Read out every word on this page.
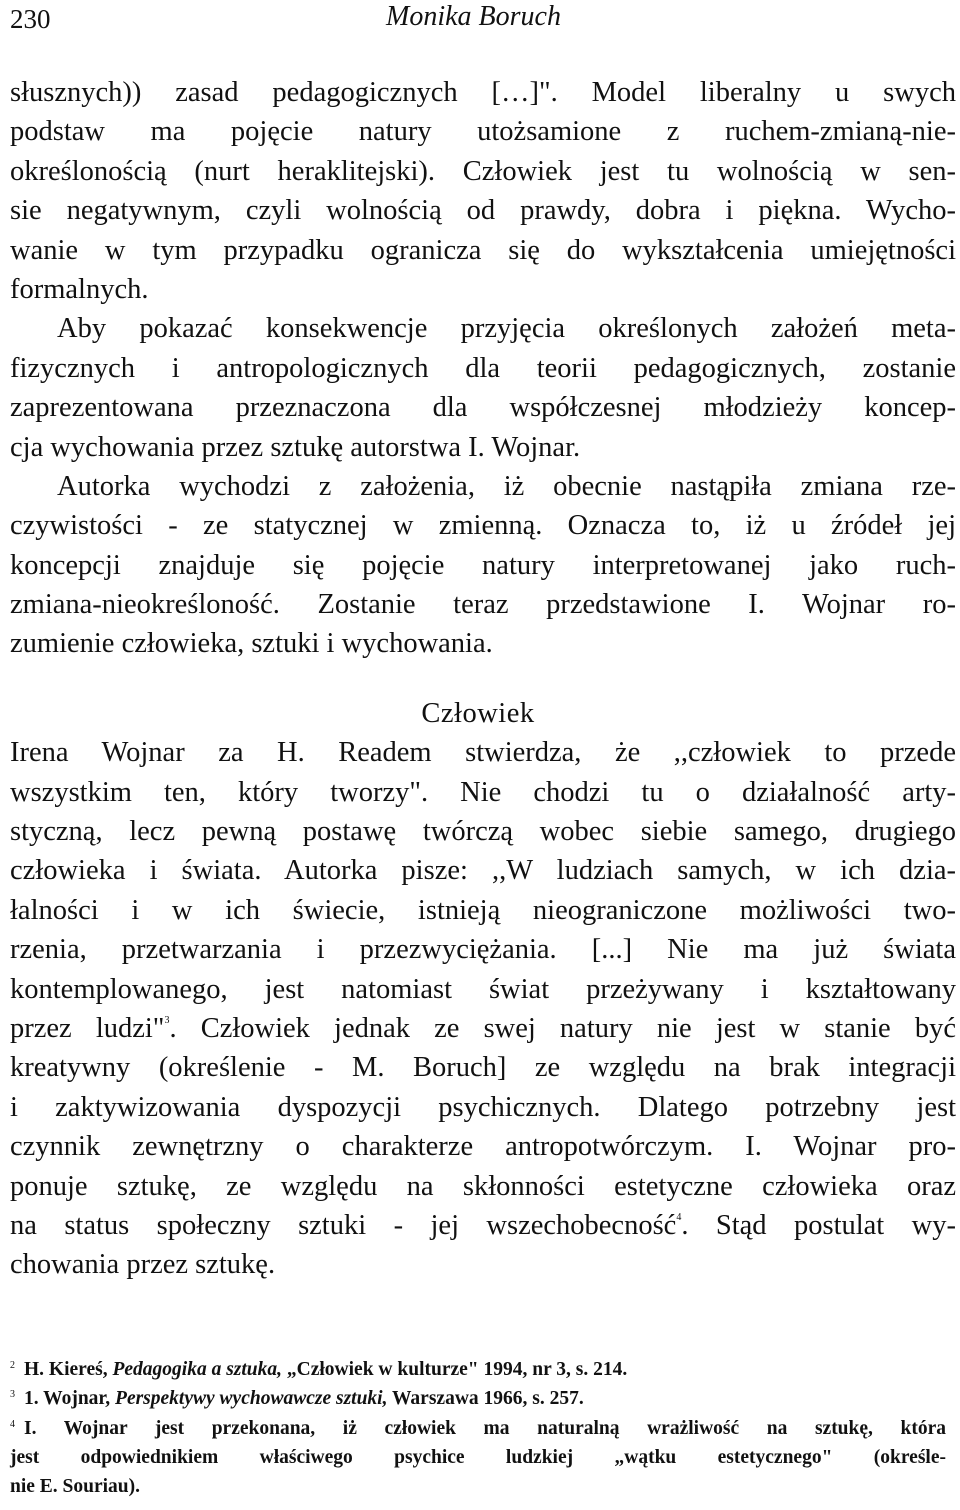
230	Monika Boruch
słusznych)) zasad pedagogicznych […]". Model liberalny u swych
podstaw ma pojęcie natury utożsamione z ruchem-zmianą-nie-
określonością (nurt heraklitejski). Człowiek jest tu wolnością w sen-
sie negatywnym, czyli wolnością od prawdy, dobra i piękna. Wycho-
wanie w tym przypadku ogranicza się do wykształcenia umiejętności
formalnych.
Aby pokazać konsekwencje przyjęcia określonych założeń meta-
fizycznych i antropologicznych dla teorii pedagogicznych, zostanie
zaprezentowana przeznaczona dla współczesnej młodzieży koncep-
cja wychowania przez sztukę autorstwa I. Wojnar.
Autorka wychodzi z założenia, iż obecnie nastąpiła zmiana rze-
czywistości - ze statycznej w zmienną. Oznacza to, iż u źródeł jej
koncepcji znajduje się pojęcie natury interpretowanej jako ruch-
zmiana-nieokreśloność. Zostanie teraz przedstawione I. Wojnar ro-
zumienie człowieka, sztuki i wychowania.
Człowiek
Irena Wojnar za H. Readem stwierdza, że ,,człowiek to przede
wszystkim ten, który tworzy". Nie chodzi tu o działalność arty-
styczną, lecz pewną postawę twórczą wobec siebie samego, drugiego
człowieka i świata. Autorka pisze: ,,W ludziach samych, w ich dzia-
łalności i w ich świecie, istnieją nieograniczone możliwości two-
rzenia, przetwarzania i przezwyciężania. [...] Nie ma już świata
kontemplowanego, jest natomiast świat przeżywany i kształtowany
przez ludzi"$^3$. Człowiek jednak ze swej natury nie jest w stanie być
kreatywny (określenie - M. Boruch] ze względu na brak integracji
i zaktywizowania dyspozycji psychicznych. Dlatego potrzebny jest
czynnik zewnętrzny o charakterze antropotwórczym. I. Wojnar pro-
ponuje sztukę, ze względu na skłonności estetyczne człowieka oraz
na status społeczny sztuki - jej wszechobecność$^4$. Stąd postulat wy-
chowania przez sztukę.
2 H. Kiereś, Pedagogika a sztuka, „Człowiek w kulturze" 1994, nr 3, s. 214.
3 1. Wojnar, Perspektywy wychowawcze sztuki, Warszawa 1966, s. 257.
4 I. Wojnar jest przekonana, iż człowiek ma naturalną wrażliwość na sztukę, która
jest odpowiednikiem właściwego psychice ludzkiej „wątku estetycznego" (określe-
nie E. Souriau).
